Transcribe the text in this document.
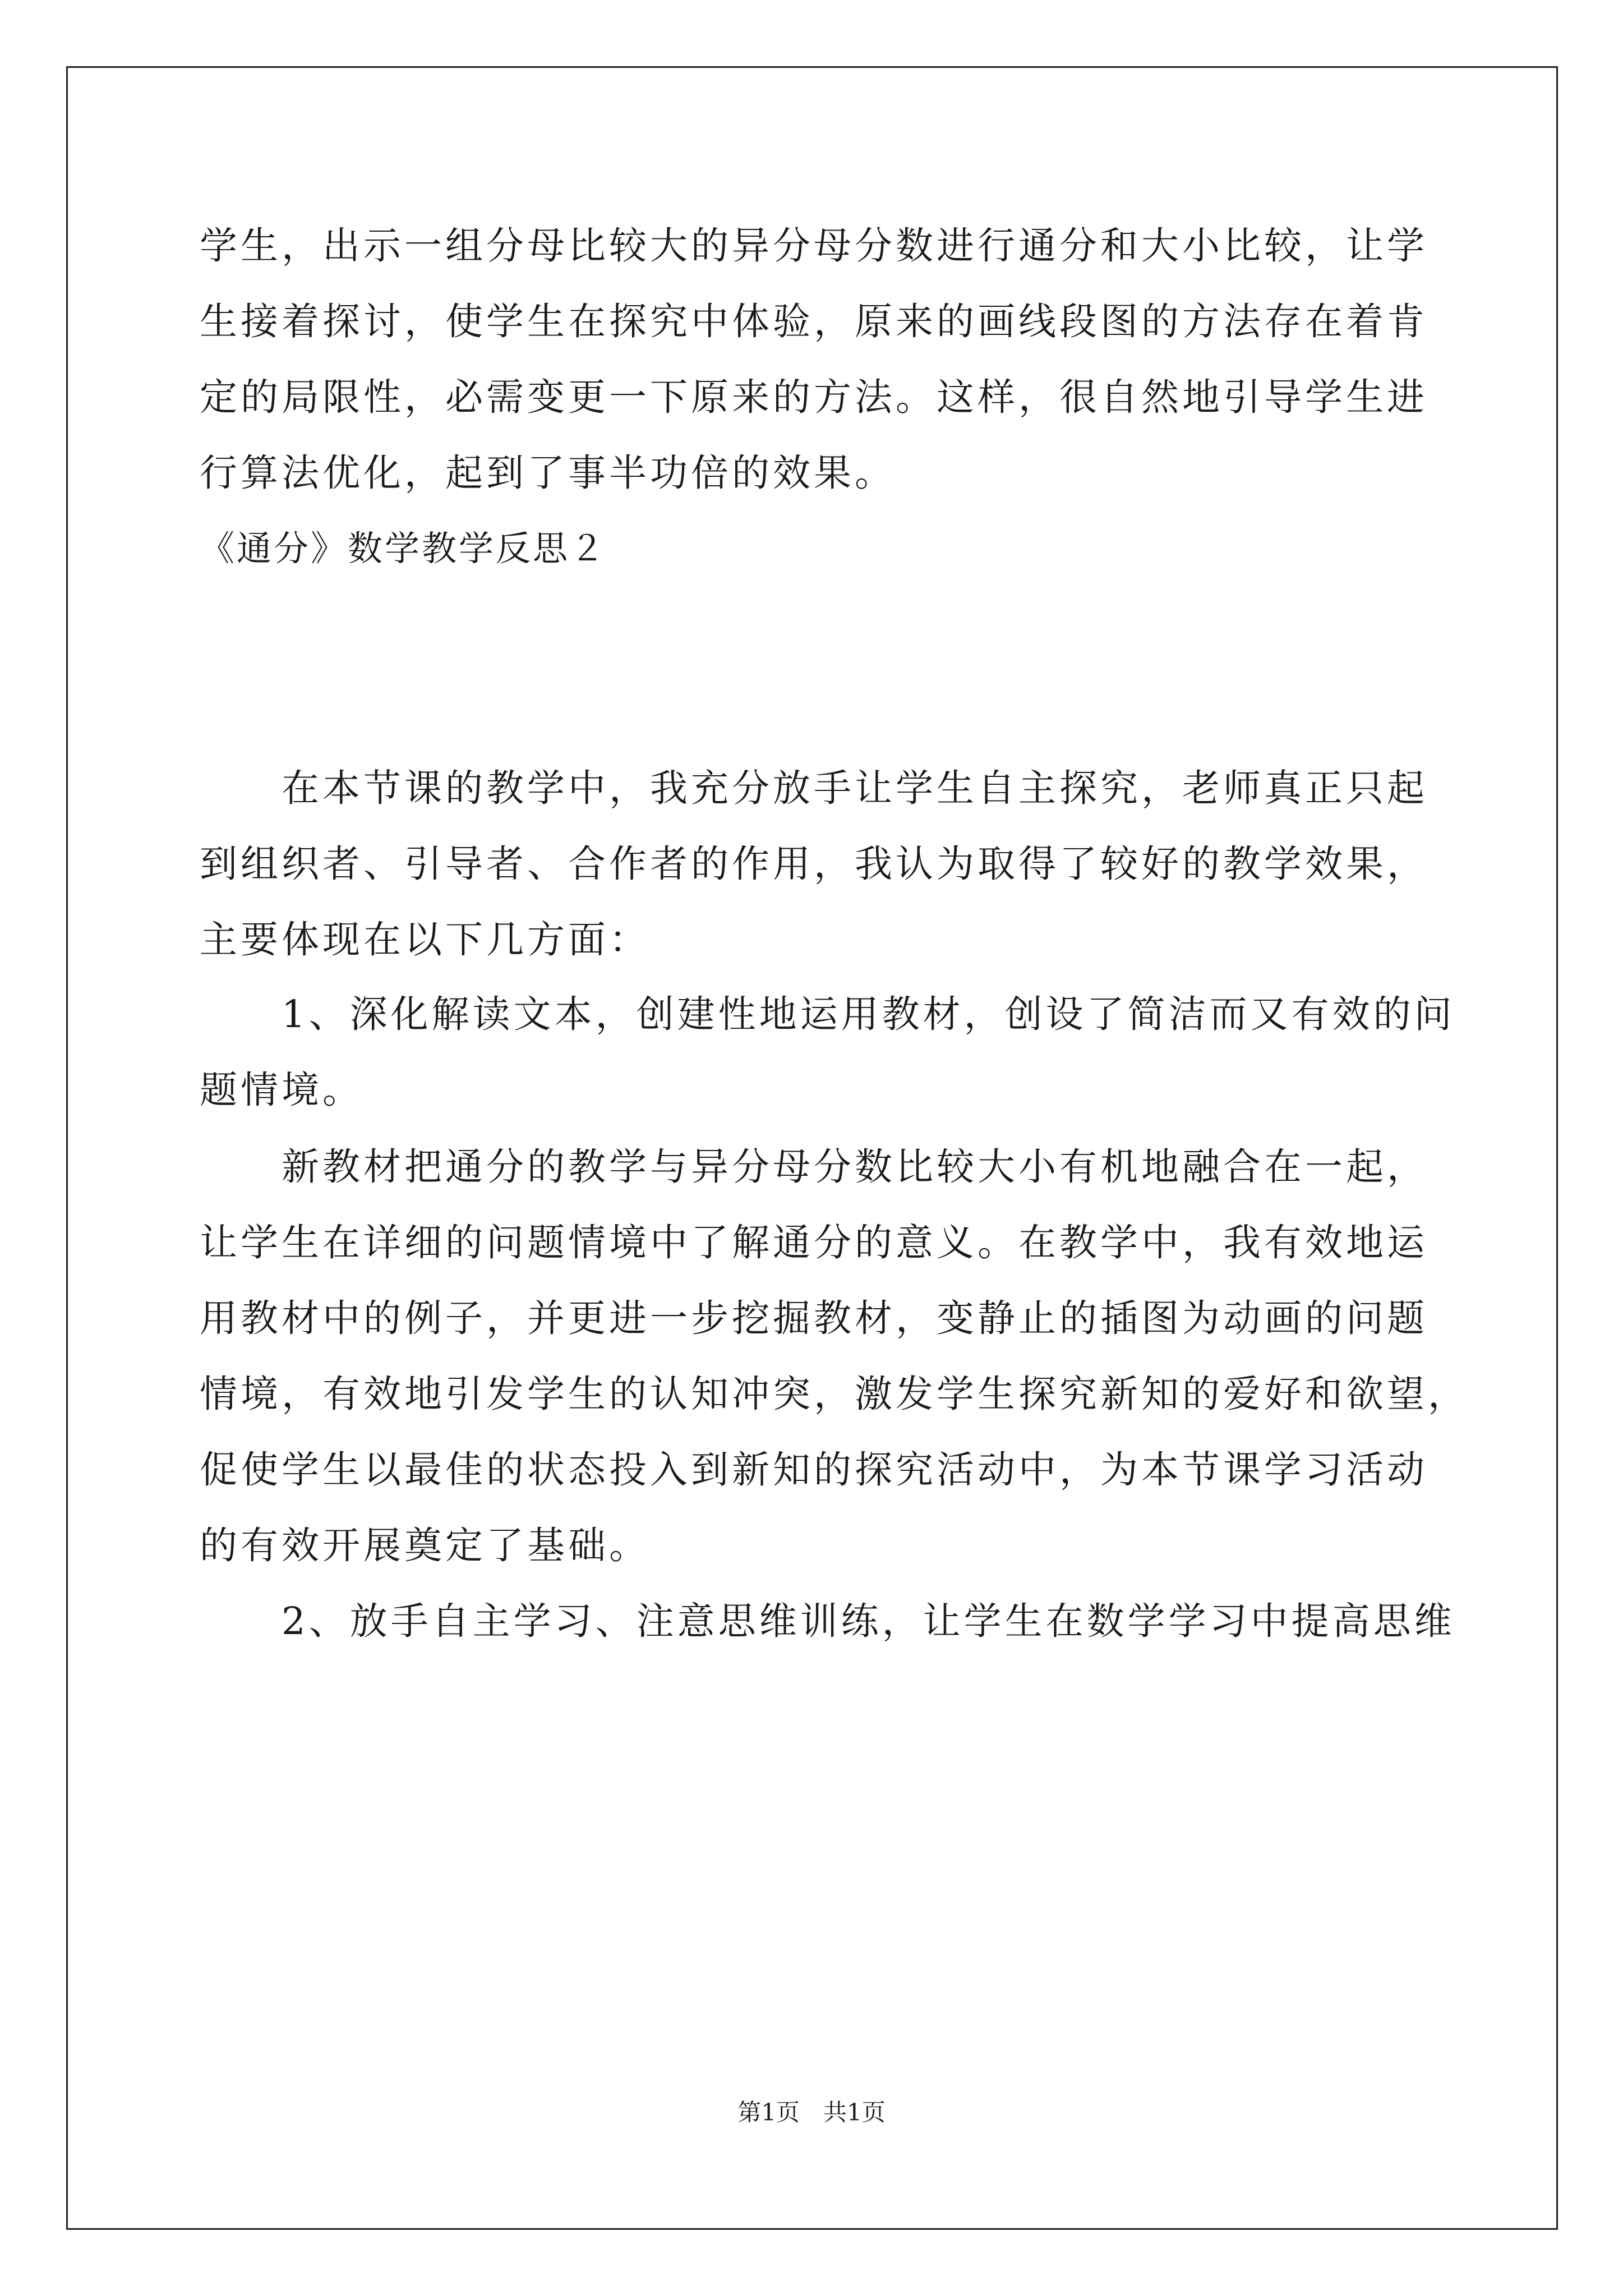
学生，出示一组分母比较大的异分母分数进行通分和大小比较，让学
生接着探讨，使学生在探究中体验，原来的画线段图的方法存在着肯
定的局限性，必需变更一下原来的方法。这样，很自然地引导学生进
行算法优化，起到了事半功倍的效果。
《通分》数学教学反思２
　　在本节课的教学中，我充分放手让学生自主探究，老师真正只起
到组织者、引导者、合作者的作用，我认为取得了较好的教学效果，
主要体现在以下几方面：
　　1、深化解读文本，创建性地运用教材，创设了简洁而又有效的问
题情境。
　　新教材把通分的教学与异分母分数比较大小有机地融合在一起，
让学生在详细的问题情境中了解通分的意义。在教学中，我有效地运
用教材中的例子，并更进一步挖掘教材，变静止的插图为动画的问题
情境，有效地引发学生的认知冲突，激发学生探究新知的爱好和欲望，
促使学生以最佳的状态投入到新知的探究活动中，为本节课学习活动
的有效开展奠定了基础。
　　2、放手自主学习、注意思维训练，让学生在数学学习中提高思维
第1页　共1页
